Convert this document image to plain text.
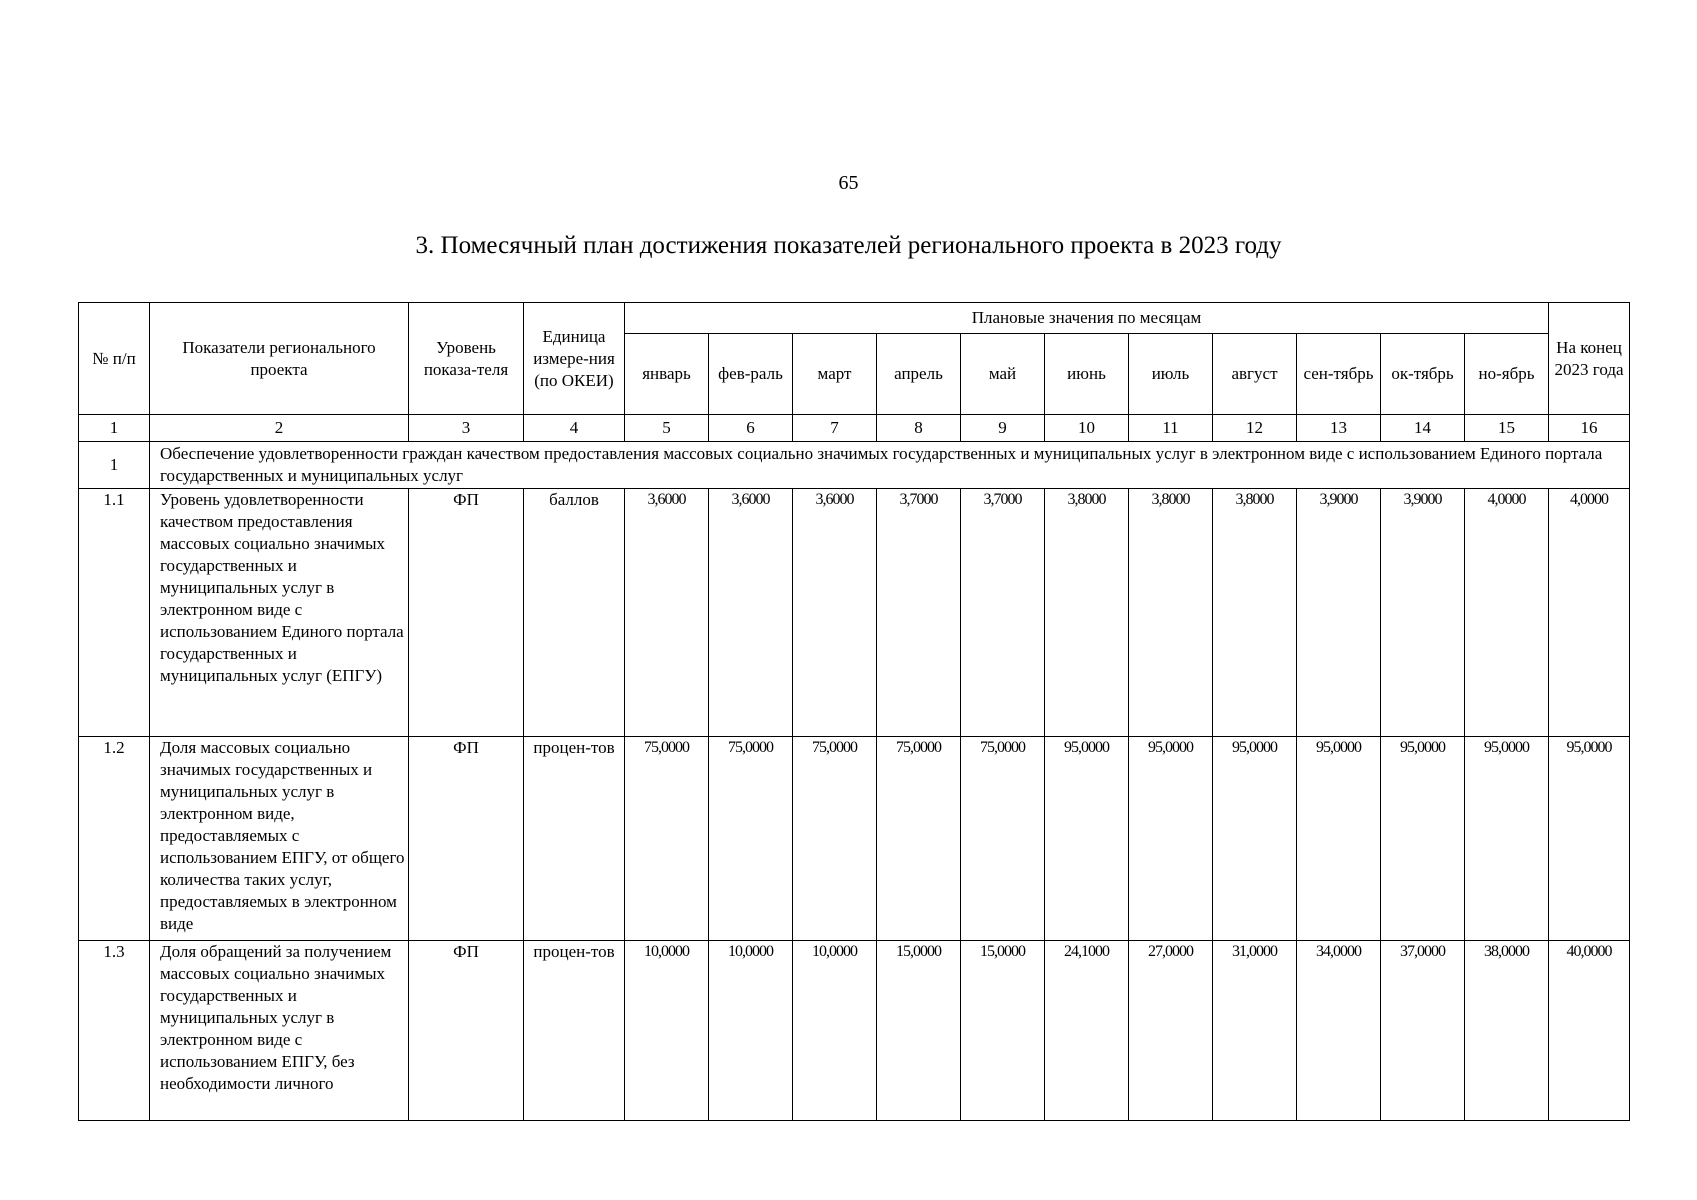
65
3. Помесячный план достижения показателей регионального проекта в 2023 году
№ п/п	Показатели регионального проекта	Уровень показа-теля	Единица измере-ния (по ОКЕИ)	Плановые значения по месяцам											На конец 2023 года
				январь	фев-раль	март	апрель	май	июнь	июль	август	сен-тябрь	ок-тябрь	но-ябрь	
1	2	3	4	5	6	7	8	9	10	11	12	13	14	15	16
1	Обеспечение удовлетворенности граждан качеством предоставления массовых социально значимых государственных и муниципальных услуг в электронном виде с использованием Единого портала государственных и муниципальных услуг														
1.1	Уровень удовлетворенности качеством предоставления массовых социально значимых государственных и муниципальных услуг в электронном виде с использованием Единого портала государственных и муниципальных услуг (ЕПГУ)	ФП	баллов	3,6000	3,6000	3,6000	3,7000	3,7000	3,8000	3,8000	3,8000	3,9000	3,9000	4,0000	4,0000
1.2	Доля массовых социально значимых государственных и муниципальных услуг в электронном виде, предоставляемых с использованием ЕПГУ, от общего количества таких услуг, предоставляемых в электронном виде	ФП	процен-тов	75,0000	75,0000	75,0000	75,0000	75,0000	95,0000	95,0000	95,0000	95,0000	95,0000	95,0000	95,0000
1.3	Доля обращений за получением массовых социально значимых государственных и муниципальных услуг в электронном виде с использованием ЕПГУ, без необходимости личного	ФП	процен-тов	10,0000	10,0000	10,0000	15,0000	15,0000	24,1000	27,0000	31,0000	34,0000	37,0000	38,0000	40,0000
